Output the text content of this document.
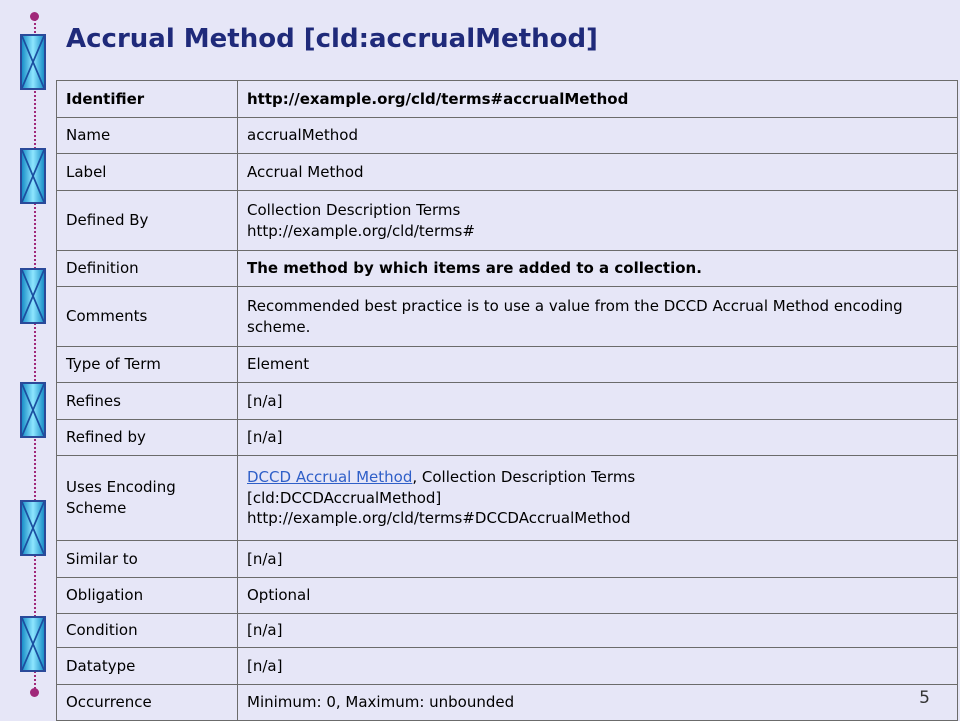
Accrual Method [cld:accrualMethod]
Identifier	http://example.org/cld/terms#accrualMethod
Name	accrualMethod
Label	Accrual Method
Defined By	Collection Description Terms
http://example.org/cld/terms#

Definition	The method by which items are added to a collection.
Comments	Recommended best practice is to use a value from the DCCD Accrual Method encoding scheme.
Type of Term	Element
Refines	[n/a]
Refined by	[n/a]
Uses Encoding Scheme	DCCD Accrual Method, Collection Description Terms
[cld:DCCDAccrualMethod]
http://example.org/cld/terms#DCCDAccrualMethod

Similar to	[n/a]
Obligation	Optional
Condition	[n/a]
Datatype	[n/a]
Occurrence	Minimum: 0, Maximum: unbounded	5
